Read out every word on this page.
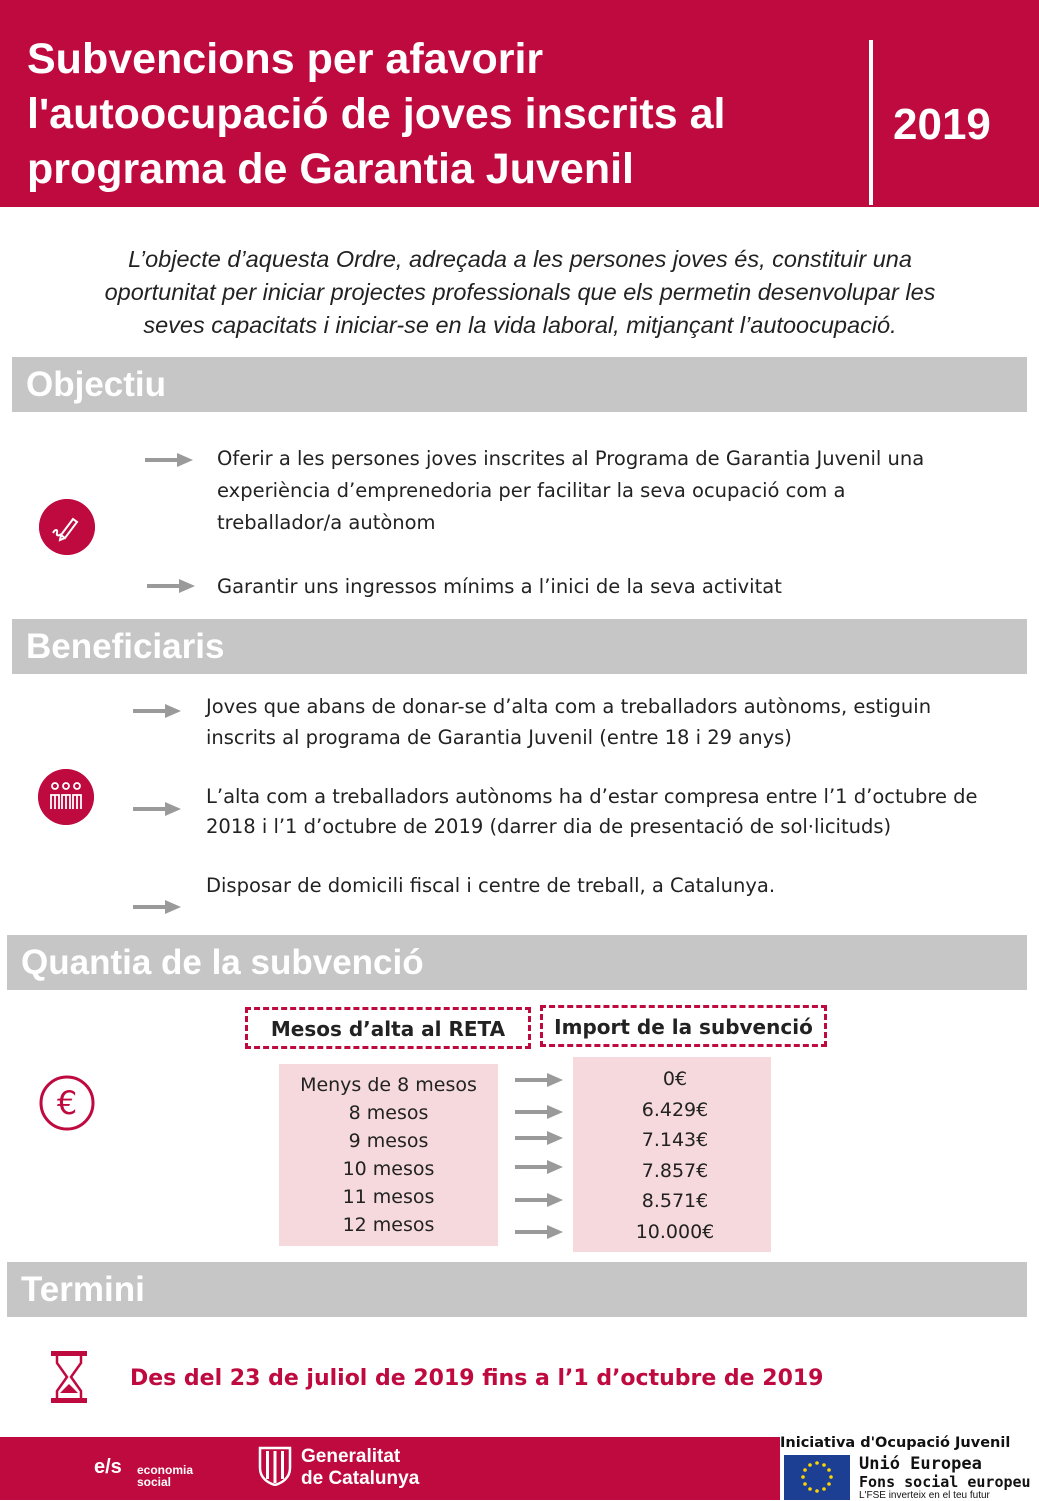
Subvencions per afavorir
l'autoocupació de joves inscrits al
programa de Garantia Juvenil
2019
L’objecte d’aquesta Ordre, adreçada a les persones joves és, constituir una
oportunitat per iniciar projectes professionals que els permetin desenvolupar les
seves capacitats i iniciar-se en la vida laboral, mitjançant l’autoocupació.
Objectiu
Oferir a les persones joves inscrites al Programa de Garantia Juvenil una
experiència d’emprenedoria per facilitar la seva ocupació com a
treballador/a autònom
Garantir uns ingressos mínims a l’inici de la seva activitat
Beneficiaris
Joves que abans de donar-se d’alta com a treballadors autònoms, estiguin
inscrits al programa de Garantia Juvenil (entre 18 i 29 anys)
L’alta com a treballadors autònoms ha d’estar compresa entre l’1 d’octubre de
2018 i l’1 d’octubre de 2019 (darrer dia de presentació de sol·licituds)
Disposar de domicili fiscal i centre de treball, a Catalunya.
Quantia de la subvenció
€
Mesos d’alta al RETA	Import de la subvenció
Menys de 8 mesos
8 mesos
9 mesos
10 mesos
11 mesos
12 mesos
0€
6.429€
7.143€
7.857€
8.571€
10.000€
Termini
Des del 23 de juliol de 2019 fins a l’1 d’octubre de 2019
e/s economia
social
Generalitat
de Catalunya
Iniciativa d'Ocupació Juvenil
Unió Europea
Fons social europeu
L'FSE inverteix en el teu futur
